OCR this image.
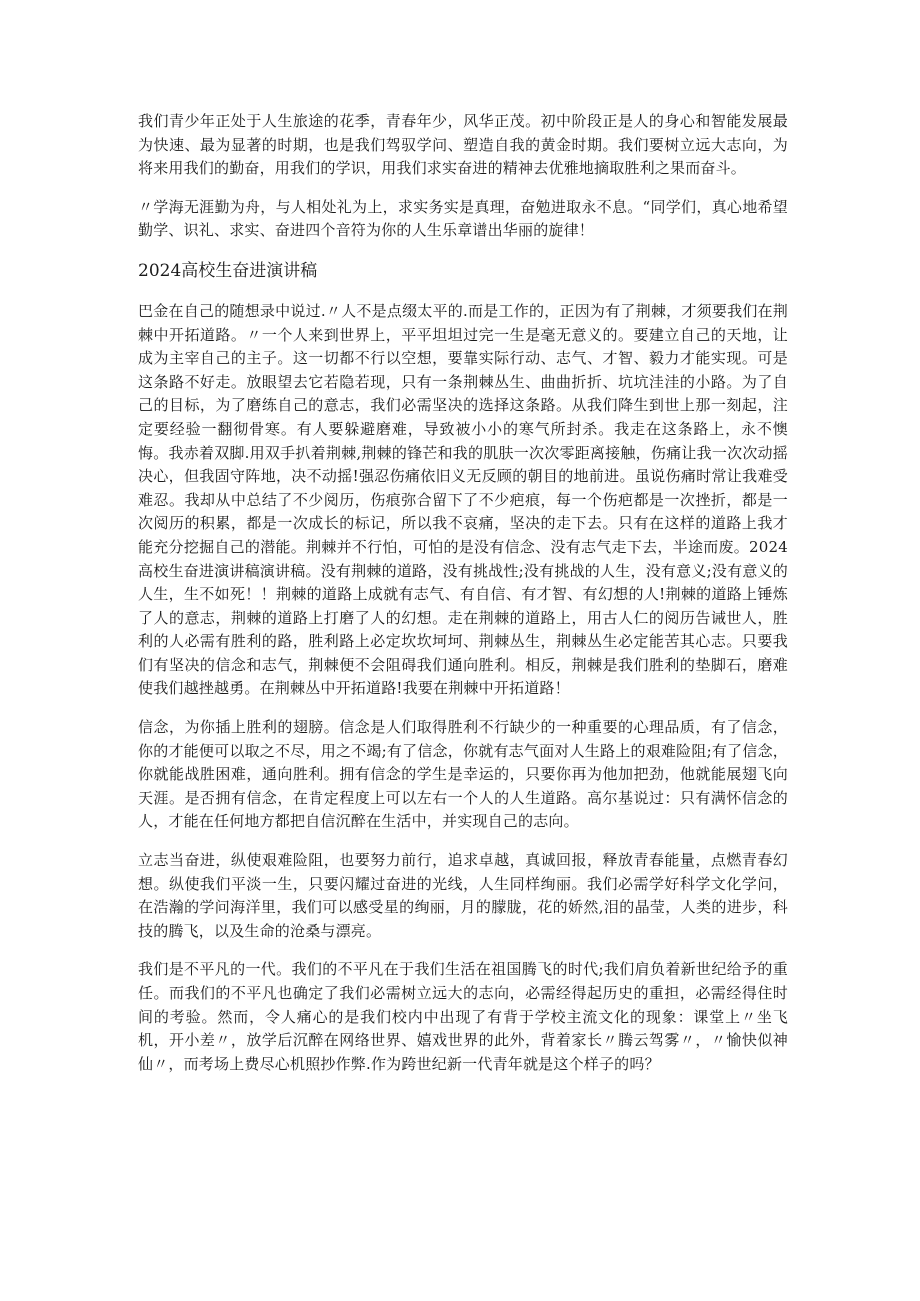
我们青少年正处于人生旅途的花季，青春年少，风华正茂。初中阶段正是人的身心和智能发展最为快速、最为显著的时期，也是我们驾驭学问、塑造自我的黄金时期。我们要树立远大志向，为将来用我们的勤奋，用我们的学识，用我们求实奋进的精神去优雅地摘取胜利之果而奋斗。

〃学海无涯勤为舟，与人相处礼为上，求实务实是真理，奋勉进取永不息。“同学们，真心地希望勤学、识礼、求实、奋进四个音符为你的人生乐章谱出华丽的旋律！

2024高校生奋进演讲稿

巴金在自己的随想录中说过.〃人不是点缀太平的.而是工作的，正因为有了荆棘，才须要我们在荆棘中开拓道路。〃一个人来到世界上，平平坦坦过完一生是毫无意义的。要建立自己的天地，让成为主宰自己的主子。这一切都不行以空想，要靠实际行动、志气、才智、毅力才能实现。可是这条路不好走。放眼望去它若隐若现，只有一条荆棘丛生、曲曲折折、坑坑洼洼的小路。为了自己的目标，为了磨练自己的意志，我们必需坚决的选择这条路。从我们降生到世上那一刻起，注定要经验一翻彻骨寒。有人要躲避磨难，导致被小小的寒气所封杀。我走在这条路上，永不懊悔。我赤着双脚.用双手扒着荆棘,荆棘的锋芒和我的肌肤一次次零距离接触，伤痛让我一次次动摇决心，但我固守阵地，决不动摇!强忍伤痛依旧义无反顾的朝目的地前进。虽说伤痛时常让我难受难忍。我却从中总结了不少阅历，伤痕弥合留下了不少疤痕，每一个伤疤都是一次挫折，都是一次阅历的积累，都是一次成长的标记，所以我不哀痛，坚决的走下去。只有在这样的道路上我才能充分挖掘自己的潜能。荆棘并不行怕，可怕的是没有信念、没有志气走下去，半途而废。2024高校生奋进演讲稿演讲稿。没有荆棘的道路，没有挑战性;没有挑战的人生，没有意义;没有意义的人生，生不如死！！荆棘的道路上成就有志气、有自信、有才智、有幻想的人!荆棘的道路上锤炼了人的意志，荆棘的道路上打磨了人的幻想。走在荆棘的道路上，用古人仁的阅历告诫世人，胜利的人必需有胜利的路，胜利路上必定坎坎坷坷、荆棘丛生，荆棘丛生必定能苦其心志。只要我们有坚决的信念和志气，荆棘便不会阻碍我们通向胜利。相反，荆棘是我们胜利的垫脚石，磨难使我们越挫越勇。在荆棘丛中开拓道路!我要在荆棘中开拓道路！

信念，为你插上胜利的翅膀。信念是人们取得胜利不行缺少的一种重要的心理品质，有了信念，你的才能便可以取之不尽，用之不竭;有了信念，你就有志气面对人生路上的艰难险阻;有了信念，你就能战胜困难，通向胜利。拥有信念的学生是幸运的，只要你再为他加把劲，他就能展翅飞向天涯。是否拥有信念，在肯定程度上可以左右一个人的人生道路。高尔基说过：只有满怀信念的人，才能在任何地方都把自信沉醉在生活中，并实现自己的志向。

立志当奋进，纵使艰难险阻，也要努力前行，追求卓越，真诚回报，释放青春能量，点燃青春幻想。纵使我们平淡一生，只要闪耀过奋进的光线，人生同样绚丽。我们必需学好科学文化学问，在浩瀚的学问海洋里，我们可以感受星的绚丽，月的朦胧，花的娇然,泪的晶莹，人类的进步，科技的腾飞，以及生命的沧桑与漂亮。

我们是不平凡的一代。我们的不平凡在于我们生活在祖国腾飞的时代;我们肩负着新世纪给予的重任。而我们的不平凡也确定了我们必需树立远大的志向，必需经得起历史的重担，必需经得住时间的考验。然而，令人痛心的是我们校内中出现了有背于学校主流文化的现象：课堂上〃坐飞机，开小差〃，放学后沉醉在网络世界、嬉戏世界的此外，背着家长〃腾云驾雾〃，〃愉快似神仙〃，而考场上费尽心机照抄作弊.作为跨世纪新一代青年就是这个样子的吗？
